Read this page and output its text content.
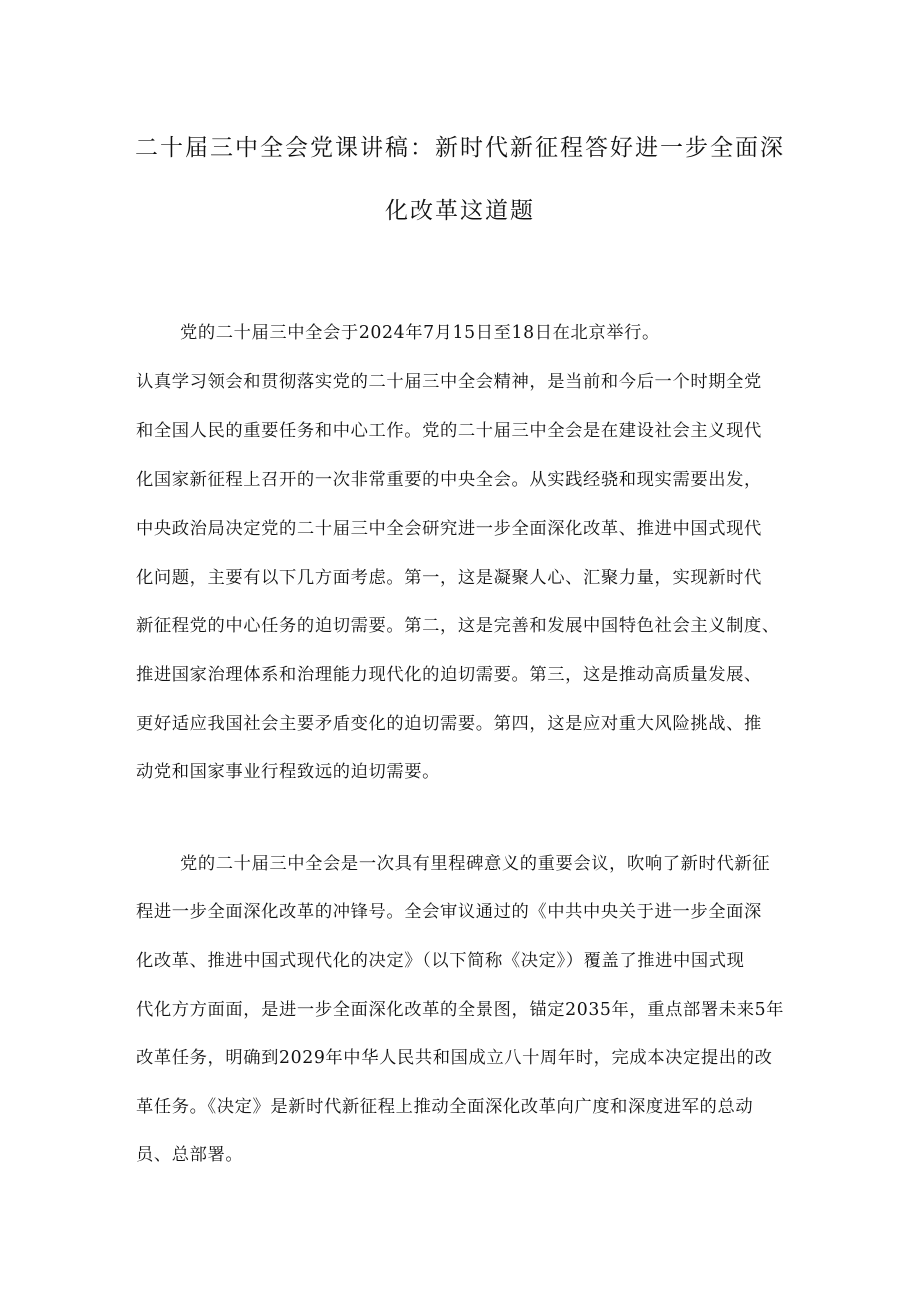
二十届三中全会党课讲稿：新时代新征程答好进一步全面深
化改革这道题
党的二十届三中全会于2024年7月15日至18日在北京举行。
认真学习领会和贯彻落实党的二十届三中全会精神，是当前和今后一个时期全党
和全国人民的重要任务和中心工作。党的二十届三中全会是在建设社会主义现代
化国家新征程上召开的一次非常重要的中央全会。从实践经骁和现实需要出发，
中央政治局决定党的二十届三中全会研究进一步全面深化改革、推进中国式现代
化问题，主要有以下几方面考虑。第一，这是凝聚人心、汇聚力量，实现新时代
新征程党的中心任务的迫切需要。第二，这是完善和发展中国特色社会主义制度、
推进国家治理体系和治理能力现代化的迫切需要。第三，这是推动高质量发展、
更好适应我国社会主要矛盾变化的迫切需要。第四，这是应对重大风险挑战、推
动党和国家事业行程致远的迫切需要。
党的二十届三中全会是一次具有里程碑意义的重要会议，吹响了新时代新征
程进一步全面深化改革的冲锋号。全会审议通过的《中共中央关于进一步全面深
化改革、推进中国式现代化的决定》（以下简称《决定》）覆盖了推进中国式现
代化方方面面，是进一步全面深化改革的全景图，锚定2035年，重点部署未来5年
改革任务，明确到2029年中华人民共和国成立八十周年时，完成本决定提出的改
革任务。《决定》是新时代新征程上推动全面深化改革向广度和深度进军的总动
员、总部署。
